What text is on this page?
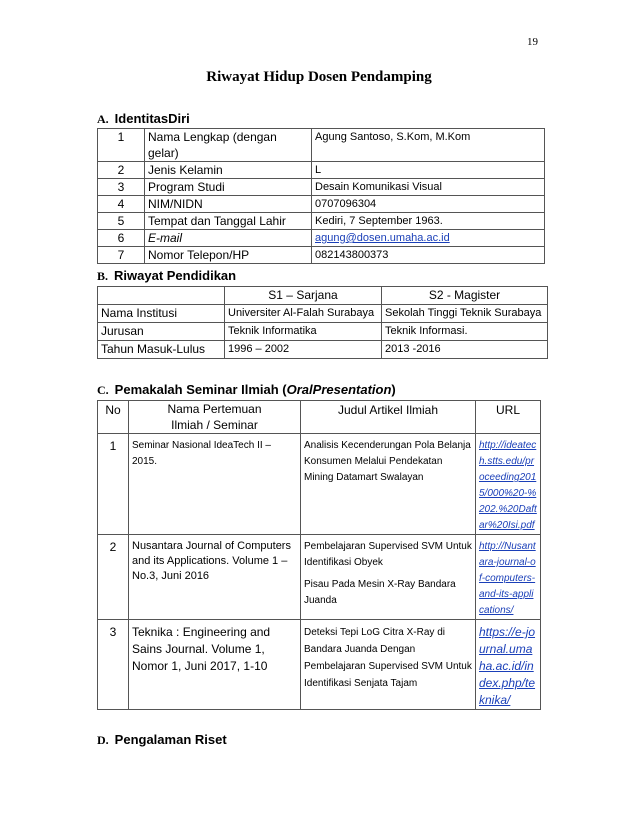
19
Riwayat Hidup Dosen Pendamping
A. IdentitasDiri
1	Nama Lengkap (dengan gelar)	Agung Santoso, S.Kom, M.Kom
2	Jenis Kelamin	L
3	Program Studi	Desain Komunikasi Visual
4	NIM/NIDN	0707096304
5	Tempat dan Tanggal Lahir	Kediri, 7 September 1963.
6	E-mail	agung@dosen.umaha.ac.id
7	Nomor Telepon/HP	082143800373
B. Riwayat Pendidikan
	S1 – Sarjana	S2 - Magister
Nama Institusi	Universiter Al-Falah Surabaya	Sekolah Tinggi Teknik Surabaya
Jurusan	Teknik Informatika	Teknik Informasi.
Tahun Masuk-Lulus	1996 – 2002	2013 -2016
C. Pemakalah Seminar Ilmiah (OralPresentation)
No	Nama Pertemuan Ilmiah / Seminar	Judul Artikel Ilmiah	URL
1	Seminar Nasional IdeaTech II – 2015.	Analisis Kecenderungan Pola Belanja Konsumen Melalui Pendekatan Mining Datamart Swalayan	http://ideatech.stts.edu/proceeding2015/000%20-%202.%20Daftar%20Isi.pdf
2	Nusantara Journal of Computers and its Applications. Volume 1 – No.3, Juni 2016	Pembelajaran Supervised SVM Untuk Identifikasi Obyek
Pisau Pada Mesin X-Ray Bandara Juanda	http://Nusantara-journal-of-computers-and-its-applications/
3	Teknika : Engineering and Sains Journal. Volume 1, Nomor 1, Juni 2017, 1-10	Deteksi Tepi LoG Citra X-Ray di Bandara Juanda Dengan Pembelajaran Supervised SVM Untuk Identifikasi Senjata Tajam	https://e-journal.umaha.ac.id/index.php/teknika/
D. Pengalaman Riset
